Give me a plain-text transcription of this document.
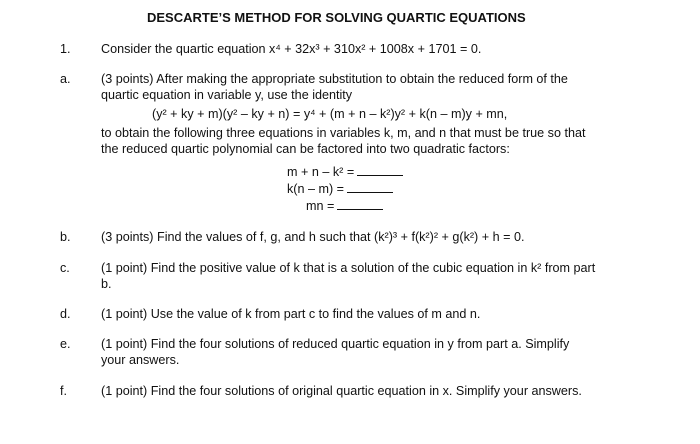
DESCARTE’S METHOD FOR SOLVING QUARTIC EQUATIONS
1. Consider the quartic equation x⁴ + 32x³ + 310x² + 1008x + 1701 = 0.
a. (3 points) After making the appropriate substitution to obtain the reduced form of the
quartic equation in variable y, use the identity
(y² + ky + m)(y² – ky + n) = y⁴ + (m + n – k²)y² + k(n – m)y + mn,
to obtain the following three equations in variables k, m, and n that must be true so that
the reduced quartic polynomial can be factored into two quadratic factors:
m + n – k² =
k(n – m) =
mn =
b. (3 points) Find the values of f, g, and h such that (k²)³ + f(k²)² + g(k²) + h = 0.
c. (1 point) Find the positive value of k that is a solution of the cubic equation in k² from part
b.
d. (1 point) Use the value of k from part c to find the values of m and n.
e. (1 point) Find the four solutions of reduced quartic equation in y from part a. Simplify
your answers.
f.	(1 point) Find the four solutions of original quartic equation in x. Simplify your answers.
